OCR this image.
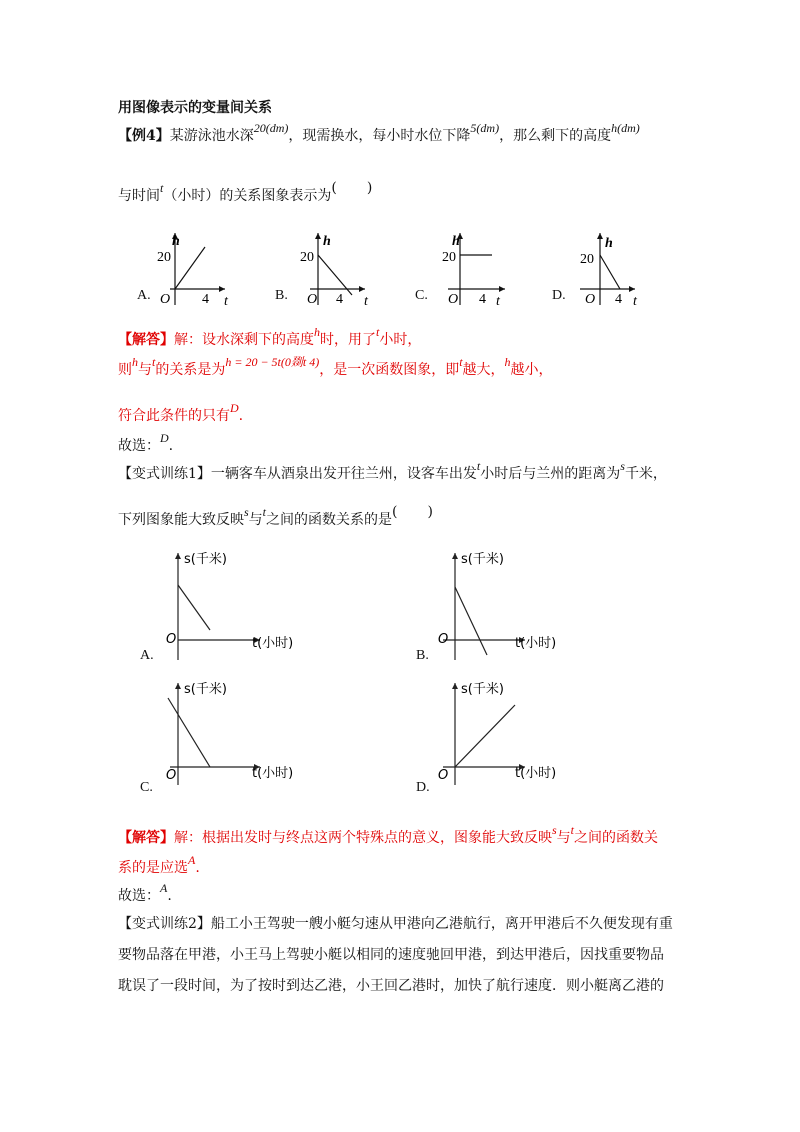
用图像表示的变量间关系
【例4】某游泳池水深20(dm)，现需换水，每小时水位下降5(dm)，那么剩下的高度h(dm)
与时间t（小时）的关系图象表示为( )
h
20
O 4 t
h
20
O 4 t
h
20
O 4 t
h
20
O 4 t
A.	B.	C.	D.
【解答】解：设水深剩下的高度h时，用了t小时，
则h与t的关系是为h = 20 − 5t(0剟t 4)，是一次函数图象，即t越大，h越小，
符合此条件的只有D.
故选：D.
【变式训练1】一辆客车从酒泉出发开往兰州，设客车出发t小时后与兰州的距离为s千米，
下列图象能大致反映s与t之间的函数关系的是( )
s(千米)
O	t(小时)
s(千米)
O	t(小时)
s(千米)
O	t(小时)
s(千米)
O	t(小时)
A.	B.
C.	D.
【解答】解：根据出发时与终点这两个特殊点的意义，图象能大致反映s与t之间的函数关
系的是应选A.
故选：A.
【变式训练2】船工小王驾驶一艘小艇匀速从甲港向乙港航行，离开甲港后不久便发现有重
要物品落在甲港，小王马上驾驶小艇以相同的速度驰回甲港，到达甲港后，因找重要物品
耽误了一段时间，为了按时到达乙港，小王回乙港时，加快了航行速度．则小艇离乙港的
